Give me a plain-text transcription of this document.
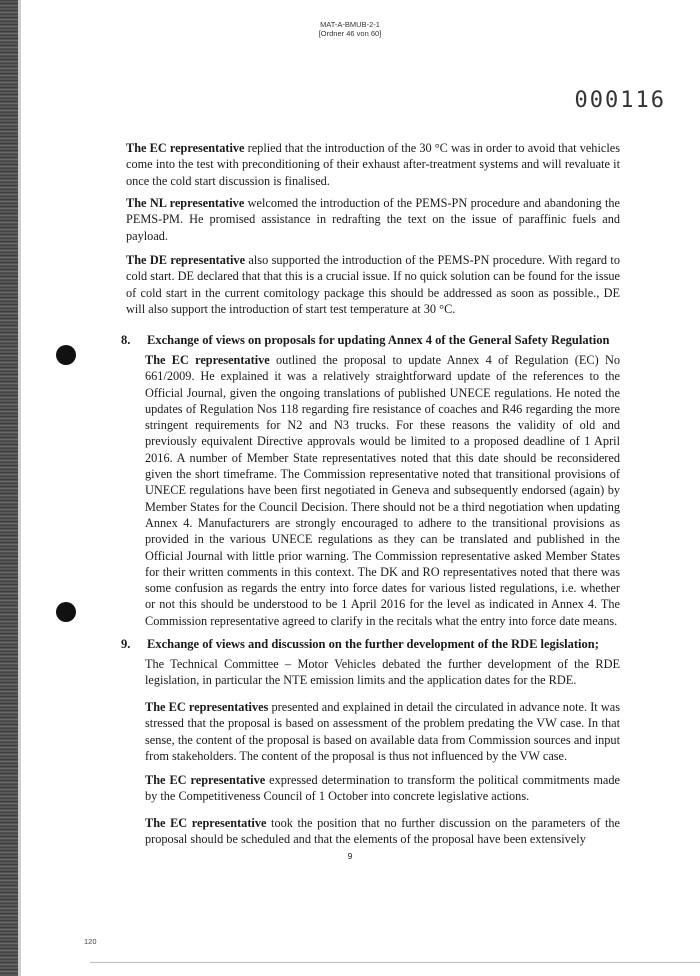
MAT-A-BMUB-2-1
[Ordner 46 von 60]
000116

The EC representative replied that the introduction of the 30 °C was in order to avoid that vehicles come into the test with preconditioning of their exhaust after-treatment systems and will revaluate it once the cold start discussion is finalised.

The NL representative welcomed the introduction of the PEMS-PN procedure and abandoning the PEMS-PM. He promised assistance in redrafting the text on the issue of paraffinic fuels and payload.

The DE representative also supported the introduction of the PEMS-PN procedure. With regard to cold start. DE declared that that this is a crucial issue. If no quick solution can be found for the issue of cold start in the current comitology package this should be addressed as soon as possible., DE will also support the introduction of start test temperature at 30 °C.

8. Exchange of views on proposals for updating Annex 4 of the General Safety Regulation

The EC representative outlined the proposal to update Annex 4 of Regulation (EC) No 661/2009. He explained it was a relatively straightforward update of the references to the Official Journal, given the ongoing translations of published UNECE regulations. He noted the updates of Regulation Nos 118 regarding fire resistance of coaches and R46 regarding the more stringent requirements for N2 and N3 trucks. For these reasons the validity of old and previously equivalent Directive approvals would be limited to a proposed deadline of 1 April 2016. A number of Member State representatives noted that this date should be reconsidered given the short timeframe. The Commission representative noted that transitional provisions of UNECE regulations have been first negotiated in Geneva and subsequently endorsed (again) by Member States for the Council Decision. There should not be a third negotiation when updating Annex 4. Manufacturers are strongly encouraged to adhere to the transitional provisions as provided in the various UNECE regulations as they can be translated and published in the Official Journal with little prior warning. The Commission representative asked Member States for their written comments in this context. The DK and RO representatives noted that there was some confusion as regards the entry into force dates for various listed regulations, i.e. whether or not this should be understood to be 1 April 2016 for the level as indicated in Annex 4. The Commission representative agreed to clarify in the recitals what the entry into force date means.

9. Exchange of views and discussion on the further development of the RDE legislation;

The Technical Committee – Motor Vehicles debated the further development of the RDE legislation, in particular the NTE emission limits and the application dates for the RDE.

The EC representatives presented and explained in detail the circulated in advance note. It was stressed that the proposal is based on assessment of the problem predating the VW case. In that sense, the content of the proposal is based on available data from Commission sources and input from stakeholders. The content of the proposal is thus not influenced by the VW case.

The EC representative expressed determination to transform the political commitments made by the Competitiveness Council of 1 October into concrete legislative actions.

The EC representative took the position that no further discussion on the parameters of the proposal should be scheduled and that the elements of the proposal have been extensively

9
120
